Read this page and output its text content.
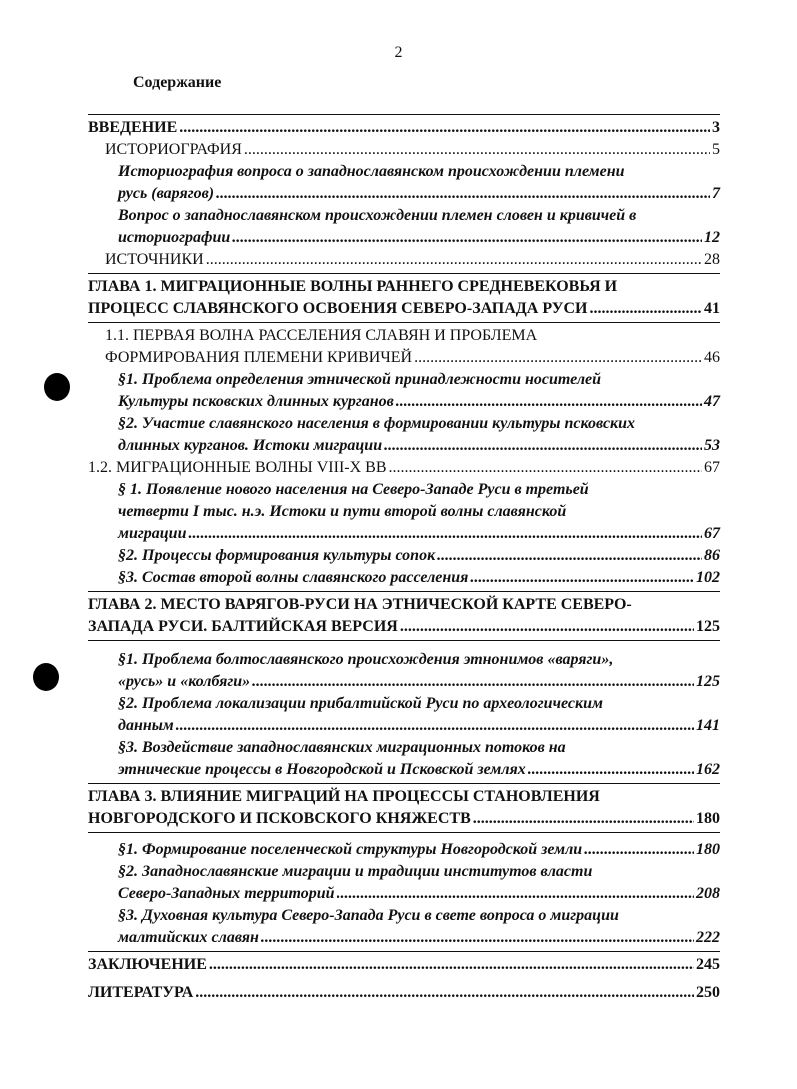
2
Содержание
ВВЕДЕНИЕ .....	3
ИСТОРИОГРАФИЯ .....	5
Историография вопроса о западнославянском происхождении племени
русь (варягов) .....	7
Вопрос о западнославянском происхождении племен словен и кривичей в
историографии .....	12
ИСТОЧНИКИ .....	28
ГЛАВА 1. МИГРАЦИОННЫЕ ВОЛНЫ РАННЕГО СРЕДНЕВЕКОВЬЯ И
ПРОЦЕСС СЛАВЯНСКОГО ОСВОЕНИЯ СЕВЕРО-ЗАПАДА РУСИ .....	41
1.1. ПЕРВАЯ ВОЛНА РАССЕЛЕНИЯ СЛАВЯН И ПРОБЛЕМА
ФОРМИРОВАНИЯ ПЛЕМЕНИ КРИВИЧЕЙ .....	46
§1. Проблема определения этнической принадлежности носителей
Культуры псковских длинных курганов .....	47
§2. Участие славянского населения в формировании культуры псковских
длинных курганов. Истоки миграции .....	53
1.2. МИГРАЦИОННЫЕ ВОЛНЫ VIII-X ВВ .....	67
§ 1. Появление нового населения на Северо-Западе Руси в третьей
четверти I тыс. н.э. Истоки и пути второй волны славянской
миграции .....	67
§2. Процессы формирования культуры сопок .....	86
§3. Состав второй волны славянского расселения .....	102
ГЛАВА 2. МЕСТО ВАРЯГОВ-РУСИ НА ЭТНИЧЕСКОЙ КАРТЕ СЕВЕРО-
ЗАПАДА РУСИ. БАЛТИЙСКАЯ ВЕРСИЯ .....	125
§1. Проблема болтославянского происхождения этнонимов «варяги»,
«русь» и «колбяги» .....	125
§2. Проблема локализации прибалтийской Руси по археологическим
данным .....	141
§3. Воздействие западнославянских миграционных потоков на
этнические процессы в Новгородской и Псковской землях .....	162
ГЛАВА 3. ВЛИЯНИЕ МИГРАЦИЙ НА ПРОЦЕССЫ СТАНОВЛЕНИЯ
НОВГОРОДСКОГО И ПСКОВСКОГО КНЯЖЕСТВ .....	180
§1. Формирование поселенческой структуры Новгородской земли .....	180
§2. Западнославянские миграции и традиции институтов власти
Северо-Западных территорий .....	208
§3. Духовная культура Северо-Запада Руси в свете вопроса о миграции
малтийских славян .....	222
ЗАКЛЮЧЕНИЕ .....	245
ЛИТЕРАТУРА .....	250
